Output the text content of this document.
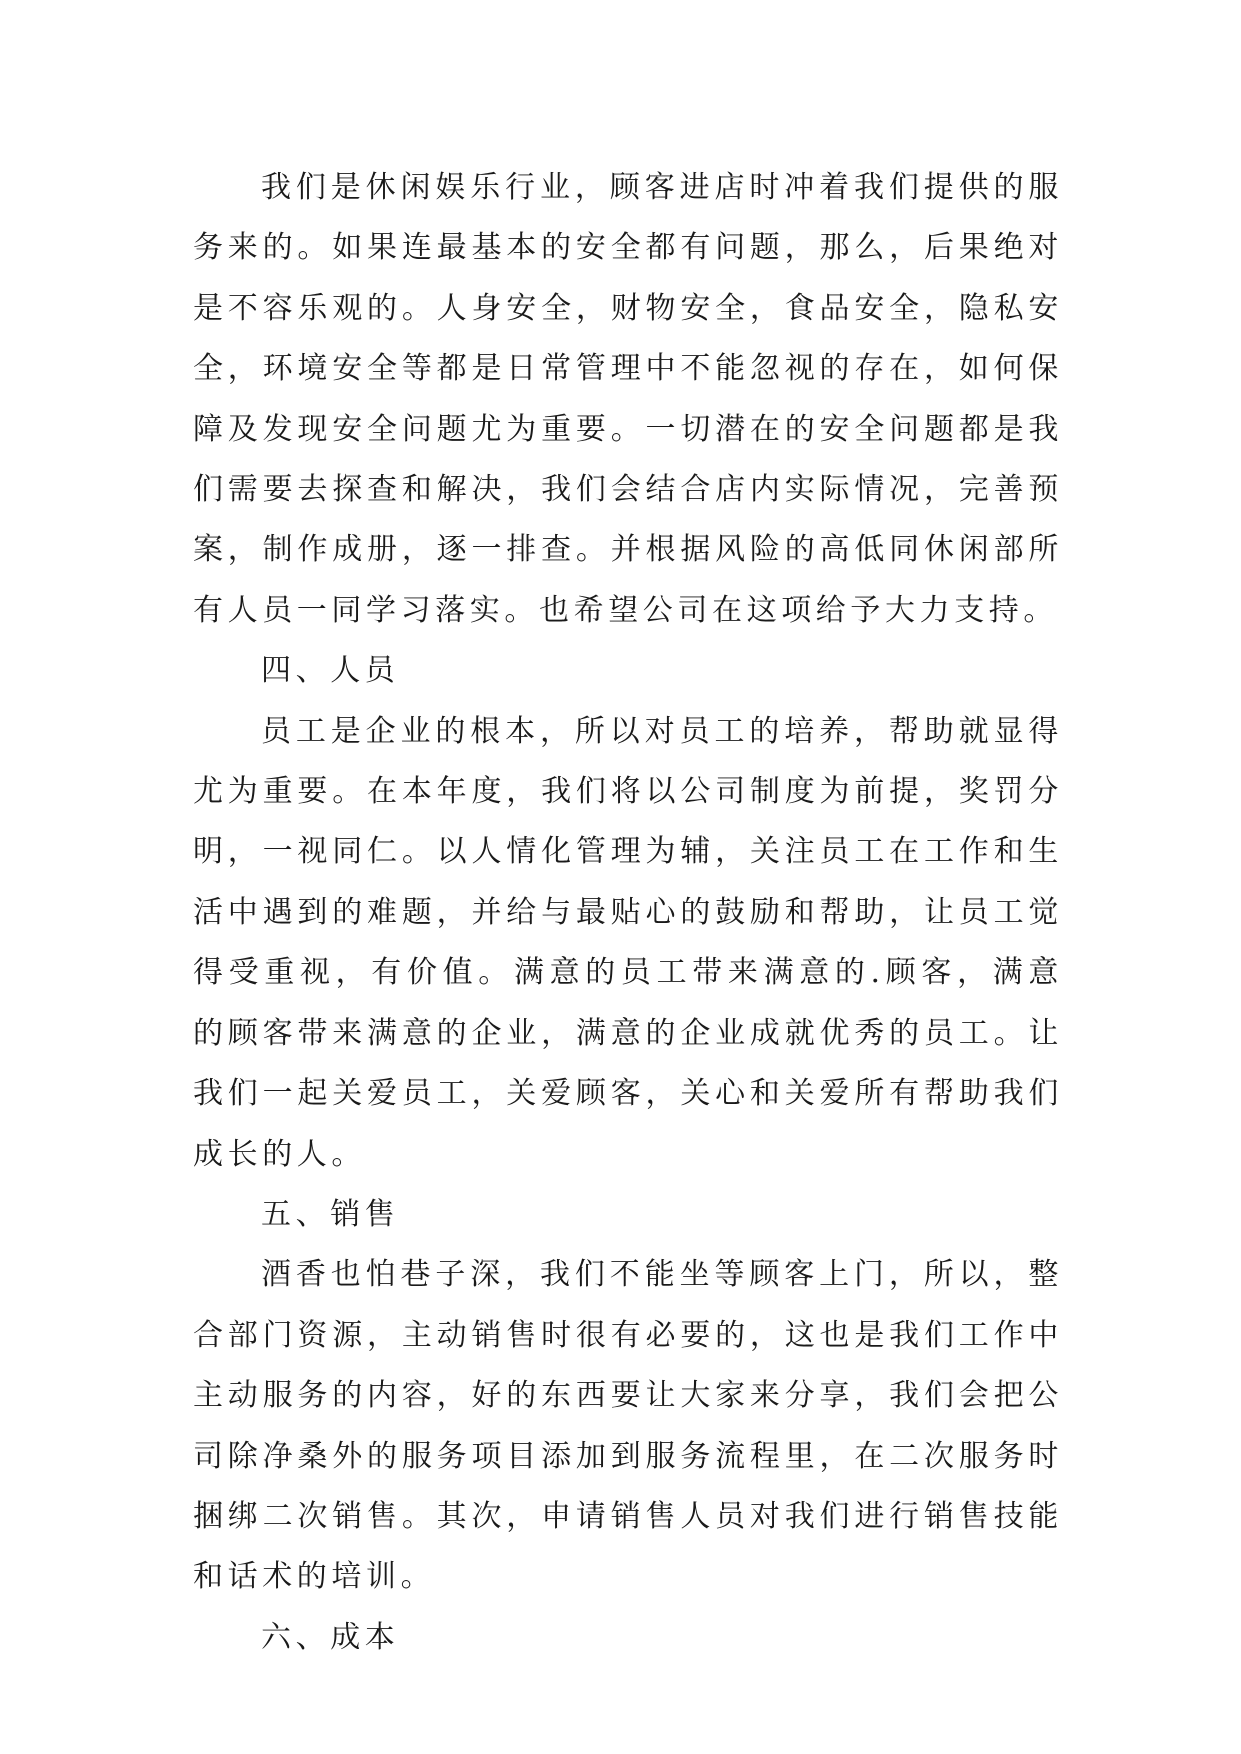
我们是休闲娱乐行业，顾客进店时冲着我们提供的服务来的。如果连最基本的安全都有问题，那么，后果绝对是不容乐观的。人身安全，财物安全，食品安全，隐私安全，环境安全等都是日常管理中不能忽视的存在，如何保障及发现安全问题尤为重要。一切潜在的安全问题都是我们需要去探查和解决，我们会结合店内实际情况，完善预案，制作成册，逐一排查。并根据风险的高低同休闲部所有人员一同学习落实。也希望公司在这项给予大力支持。

四、人员

员工是企业的根本，所以对员工的培养，帮助就显得尤为重要。在本年度，我们将以公司制度为前提，奖罚分明，一视同仁。以人情化管理为辅，关注员工在工作和生活中遇到的难题，并给与最贴心的鼓励和帮助，让员工觉得受重视，有价值。满意的员工带来满意的.顾客，满意的顾客带来满意的企业，满意的企业成就优秀的员工。让我们一起关爱员工，关爱顾客，关心和关爱所有帮助我们成长的人。

五、销售

酒香也怕巷子深，我们不能坐等顾客上门，所以，整合部门资源，主动销售时很有必要的，这也是我们工作中主动服务的内容，好的东西要让大家来分享，我们会把公司除净桑外的服务项目添加到服务流程里，在二次服务时捆绑二次销售。其次，申请销售人员对我们进行销售技能和话术的培训。

六、成本
